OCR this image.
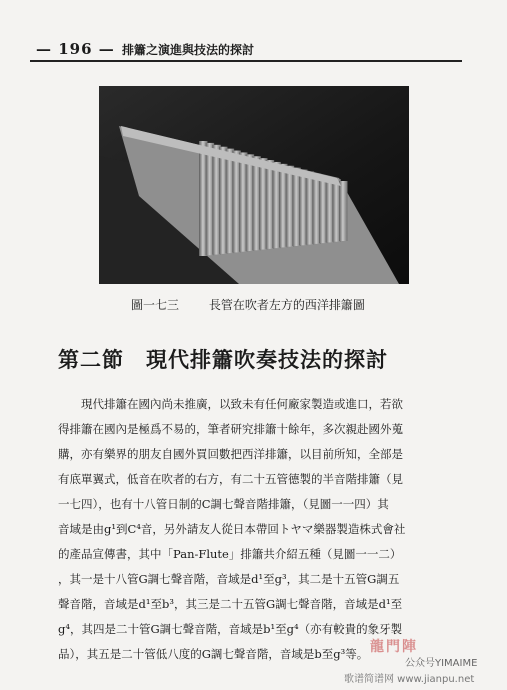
— 196 — 排簫之演進與技法的探討
圖一七三 長管在吹者左方的西洋排簫圖
第二節　現代排簫吹奏技法的探討
現代排簫在國內尚未推廣，以致未有任何廠家製造或進口，若欲
得排簫在國內是極爲不易的，筆者研究排簫十餘年，多次親赴國外蒐
購，亦有樂界的朋友自國外買回數把西洋排簫，以目前所知，全部是
有底單翼式，低音在吹者的右方，有二十五管德製的半音階排簫（見
一七四），也有十八管日制的C調七聲音階排簫，（見圖一一四）其
音域是由g¹到C⁴音，另外請友人從日本帶回トヤマ樂器製造株式會社
的產品宣傳書，其中「Pan-Flute」排簫共介紹五種（見圖一一二）
，其一是十八管G調七聲音階，音域是d¹至g³，其二是十五管G調五
聲音階，音域是d¹至b³，其三是二十五管G調七聲音階，音域是d¹至
g⁴，其四是二十管G調七聲音階，音域是b¹至g⁴（亦有較貴的象牙製
品），其五是二十管低八度的G調七聲音階，音域是b至g³等。 龍門陣
公众号YIMAIME
歌谱简谱网 www.jianpu.net
